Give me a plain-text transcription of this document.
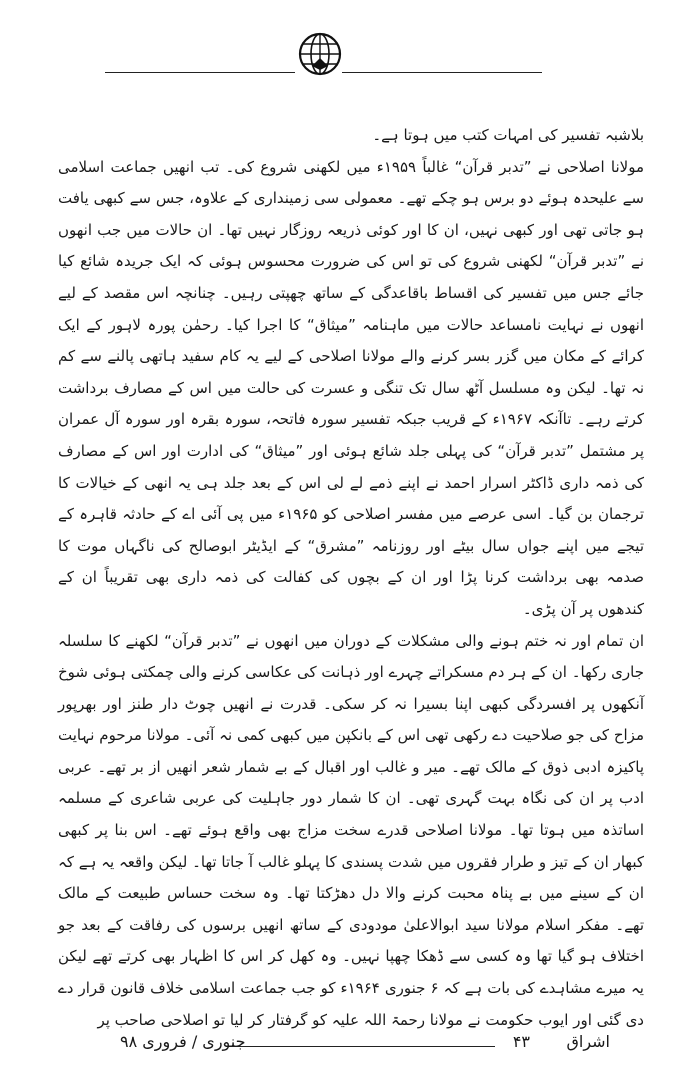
بلاشبہ تفسیر کی امہات کتب میں ہوتا ہے۔

مولانا اصلاحی نے ”تدبر قرآن“ غالباً ۱۹۵۹ء میں لکھنی شروع کی۔ تب انھیں جماعت اسلامی سے علیحدہ ہوئے دو برس ہو چکے تھے۔ معمولی سی زمینداری کے علاوہ، جس سے کبھی یافت ہو جاتی تھی اور کبھی نہیں، ان کا اور کوئی ذریعہ روزگار نہیں تھا۔ ان حالات میں جب انھوں نے ”تدبر قرآن“ لکھنی شروع کی تو اس کی ضرورت محسوس ہوئی کہ ایک جریدہ شائع کیا جائے جس میں تفسیر کی اقساط باقاعدگی کے ساتھ چھپتی رہیں۔ چنانچہ اس مقصد کے لیے انھوں نے نہایت نامساعد حالات میں ماہنامہ ”میثاق“ کا اجرا کیا۔ رحمٰن پورہ لاہور کے ایک کرائے کے مکان میں گزر بسر کرنے والے مولانا اصلاحی کے لیے یہ کام سفید ہاتھی پالنے سے کم نہ تھا۔ لیکن وہ مسلسل آٹھ سال تک تنگی و عسرت کی حالت میں اس کے مصارف برداشت کرتے رہے۔ تاآنکہ ۱۹۶۷ء کے قریب جبکہ تفسیر سورہ فاتحہ، سورہ بقرہ اور سورہ آل عمران پر مشتمل ”تدبر قرآن“ کی پہلی جلد شائع ہوئی اور ”میثاق“ کی ادارت اور اس کے مصارف کی ذمہ داری ڈاکٹر اسرار احمد نے اپنے ذمے لے لی اس کے بعد جلد ہی یہ انھی کے خیالات کا ترجمان بن گیا۔ اسی عرصے میں مفسر اصلاحی کو ۱۹۶۵ء میں پی آئی اے کے حادثہ قاہرہ کے تیجے میں اپنے جواں سال بیٹے اور روزنامہ ”مشرق“ کے ایڈیٹر ابوصالح کی ناگہاں موت کا صدمہ بھی برداشت کرنا پڑا اور ان کے بچوں کی کفالت کی ذمہ داری بھی تقریباً ان کے کندھوں پر آن پڑی۔

ان تمام اور نہ ختم ہونے والی مشکلات کے دوران میں انھوں نے ”تدبر قرآن“ لکھنے کا سلسلہ جاری رکھا۔ ان کے ہر دم مسکراتے چہرے اور ذہانت کی عکاسی کرنے والی چمکتی ہوئی شوخ آنکھوں پر افسردگی کبھی اپنا بسیرا نہ کر سکی۔ قدرت نے انھیں چوٹ دار طنز اور بھرپور مزاح کی جو صلاحیت دے رکھی تھی اس کے بانکپن میں کبھی کمی نہ آئی۔ مولانا مرحوم نہایت پاکیزہ ادبی ذوق کے مالک تھے۔ میر و غالب اور اقبال کے بے شمار شعر انھیں از بر تھے۔ عربی ادب پر ان کی نگاہ بہت گہری تھی۔ ان کا شمار دور جاہلیت کی عربی شاعری کے مسلمہ اساتذہ میں ہوتا تھا۔ مولانا اصلاحی قدرے سخت مزاج بھی واقع ہوئے تھے۔ اس بنا پر کبھی کبھار ان کے تیز و طرار فقروں میں شدت پسندی کا پہلو غالب آ جاتا تھا۔ لیکن واقعہ یہ ہے کہ ان کے سینے میں بے پناہ محبت کرنے والا دل دھڑکتا تھا۔ وہ سخت حساس طبیعت کے مالک تھے۔ مفکر اسلام مولانا سید ابوالاعلیٰ مودودی کے ساتھ انھیں برسوں کی رفاقت کے بعد جو اختلاف ہو گیا تھا وہ کسی سے ڈھکا چھپا نہیں۔ وہ کھل کر اس کا اظہار بھی کرتے تھے لیکن یہ میرے مشاہدے کی بات ہے کہ ۶ جنوری ۱۹۶۴ء کو جب جماعت اسلامی خلاف قانون قرار دے دی گئی اور ایوب حکومت نے مولانا رحمۃ اللہ علیہ کو گرفتار کر لیا تو اصلاحی صاحب پر

اشراق
۴۳
جنوری / فروری ۹۸
